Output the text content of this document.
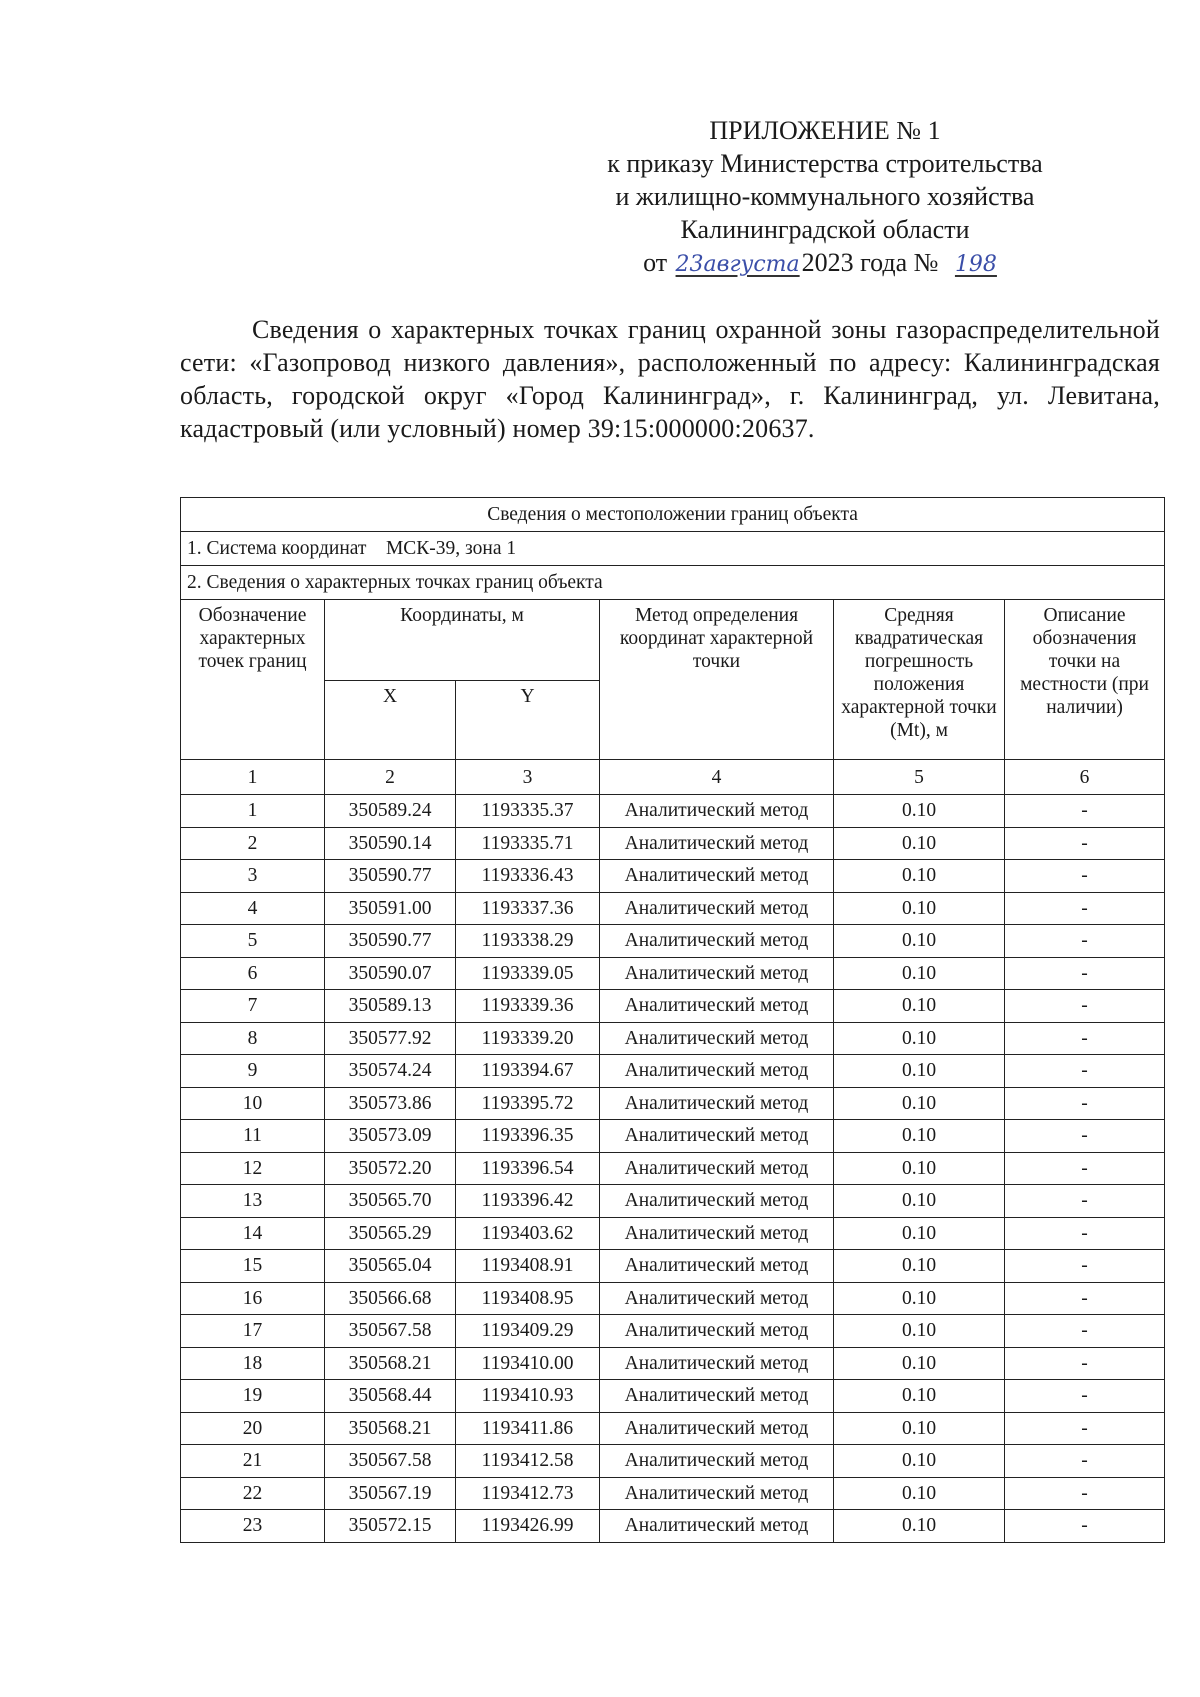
ПРИЛОЖЕНИЕ № 1
к приказу Министерства строительства
и жилищно-коммунального хозяйства
Калининградской области
от 23августа2023 года № 198
Сведения о характерных точках границ охранной зоны газораспределительной сети: «Газопровод низкого давления», расположенный по адресу: Калининградская область, городской округ «Город Калининград», г. Калининград, ул. Левитана, кадастровый (или условный) номер 39:15:000000:20637.
Сведения о местоположении границ объекта					
1. Система координат    МСК-39, зона 1					
2. Сведения о характерных точках границ объекта					
Обозначение характерных точек границ	Координаты, м		Метод определения координат характерной точки	Средняя квадратическая погрешность положения характерной точки (Mt), м	Описание обозначения точки на местности (при наличии)
	X	Y			
1	2	3	4	5	6
1	350589.24	1193335.37	Аналитический метод	0.10	-
2	350590.14	1193335.71	Аналитический метод	0.10	-
3	350590.77	1193336.43	Аналитический метод	0.10	-
4	350591.00	1193337.36	Аналитический метод	0.10	-
5	350590.77	1193338.29	Аналитический метод	0.10	-
6	350590.07	1193339.05	Аналитический метод	0.10	-
7	350589.13	1193339.36	Аналитический метод	0.10	-
8	350577.92	1193339.20	Аналитический метод	0.10	-
9	350574.24	1193394.67	Аналитический метод	0.10	-
10	350573.86	1193395.72	Аналитический метод	0.10	-
11	350573.09	1193396.35	Аналитический метод	0.10	-
12	350572.20	1193396.54	Аналитический метод	0.10	-
13	350565.70	1193396.42	Аналитический метод	0.10	-
14	350565.29	1193403.62	Аналитический метод	0.10	-
15	350565.04	1193408.91	Аналитический метод	0.10	-
16	350566.68	1193408.95	Аналитический метод	0.10	-
17	350567.58	1193409.29	Аналитический метод	0.10	-
18	350568.21	1193410.00	Аналитический метод	0.10	-
19	350568.44	1193410.93	Аналитический метод	0.10	-
20	350568.21	1193411.86	Аналитический метод	0.10	-
21	350567.58	1193412.58	Аналитический метод	0.10	-
22	350567.19	1193412.73	Аналитический метод	0.10	-
23	350572.15	1193426.99	Аналитический метод	0.10	-
